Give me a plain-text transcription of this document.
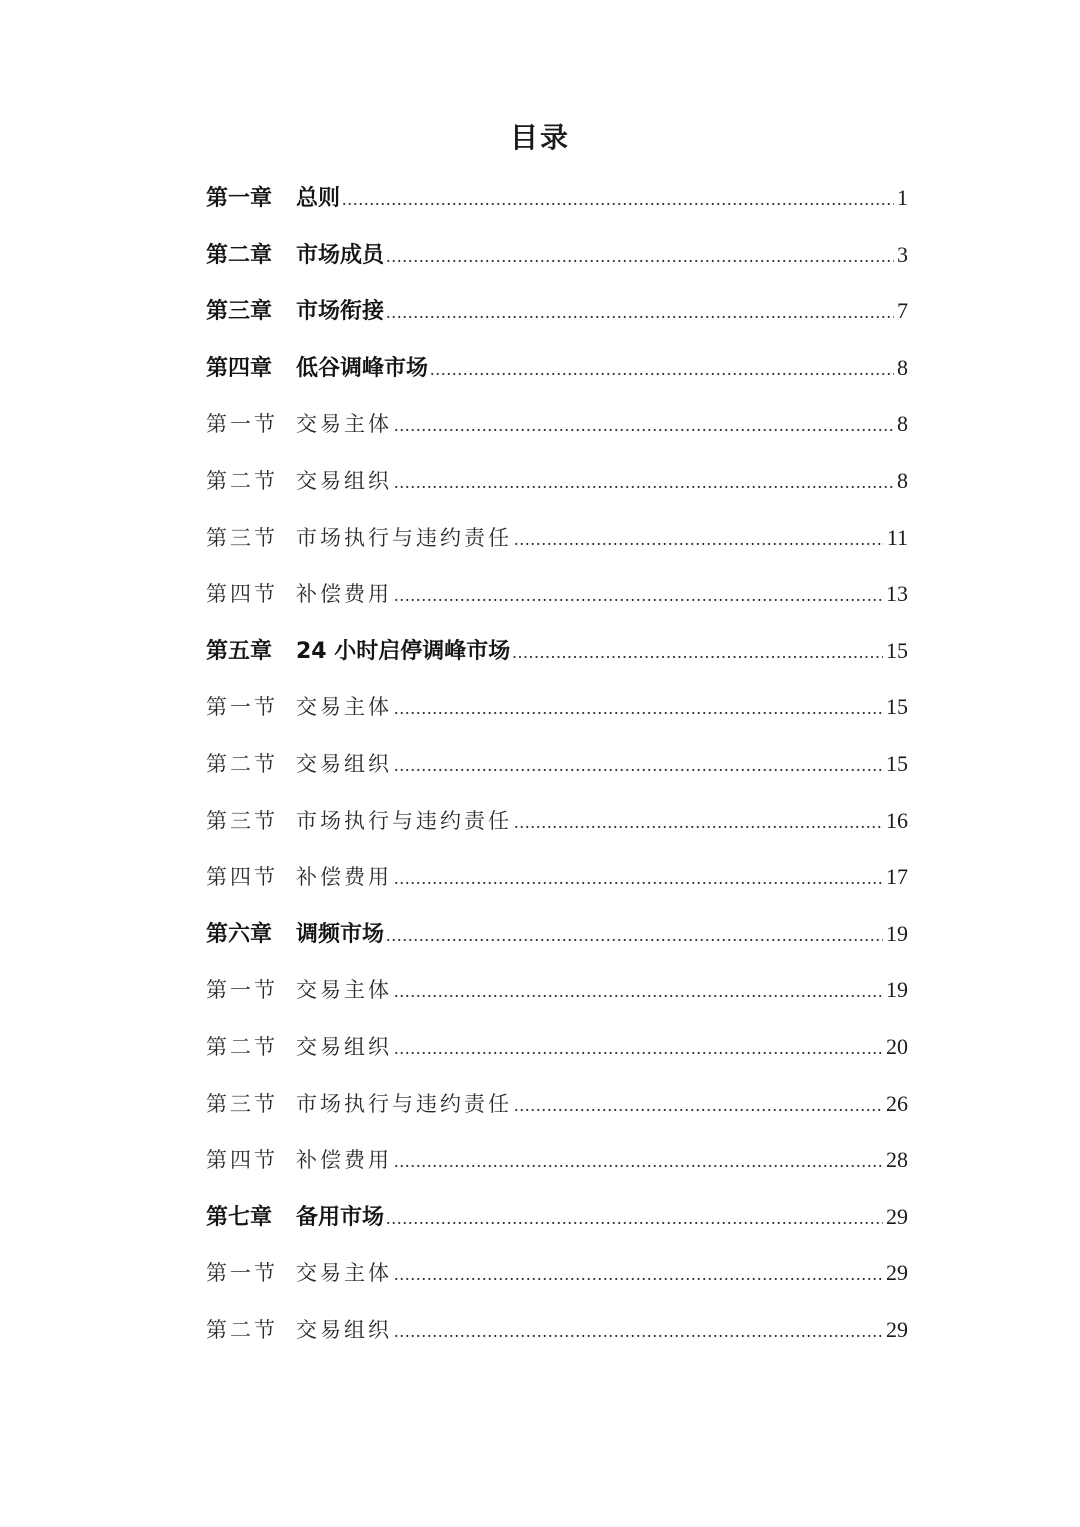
目录
第一章	总则 .....	1
第二章	市场成员 .....	3
第三章	市场衔接 .....	7
第四章	低谷调峰市场 .....	8
第一节 交易主体 .....	8
第二节 交易组织 .....	8
第三节 市场执行与违约责任 .....	11
第四节 补偿费用 .....	13
第五章	24 小时启停调峰市场 .....	15
第一节 交易主体 .....	15
第二节 交易组织 .....	15
第三节 市场执行与违约责任 .....	16
第四节 补偿费用 .....	17
第六章	调频市场 .....	19
第一节 交易主体 .....	19
第二节 交易组织 .....	20
第三节 市场执行与违约责任 .....	26
第四节 补偿费用 .....	28
第七章	备用市场 .....	29
第一节 交易主体 .....	29
第二节 交易组织 .....	29
